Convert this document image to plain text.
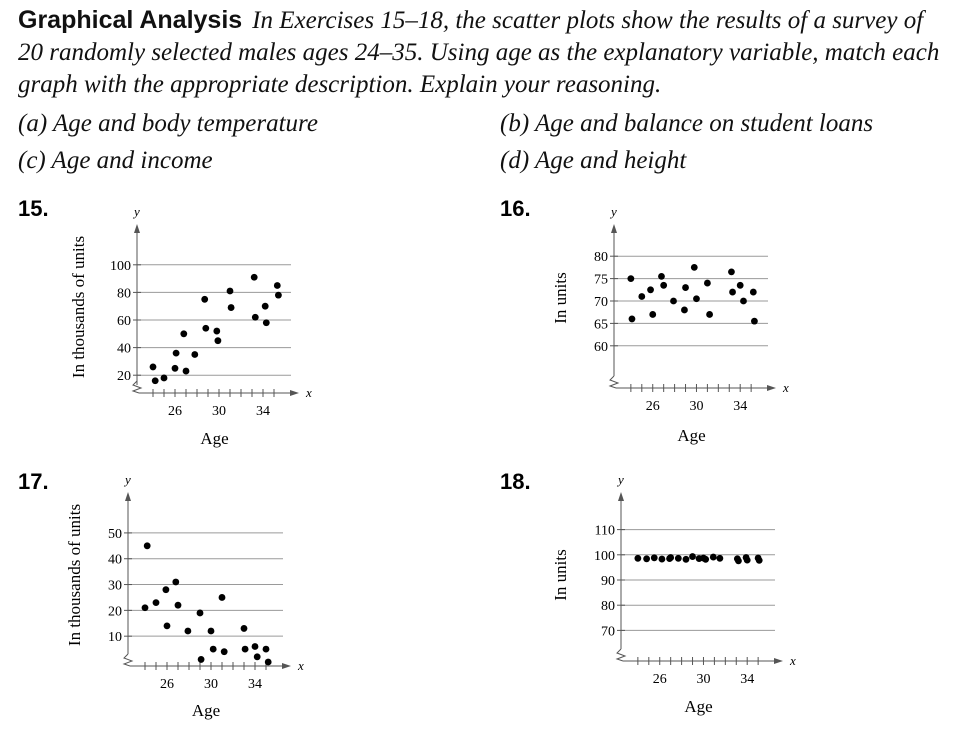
Graphical Analysis In Exercises 15–18, the scatter plots show the results of a survey of 20 randomly selected males ages 24–35. Using age as the explanatory variable, match each graph with the appropriate description. Explain your reasoning.
(a) Age and body temperature	(b) Age and balance on student loans
(c) Age and income	(d) Age and height
15.	y
x
26 30 34
20
40
60
80
100
Age
In thousands of units
16.	y
x
26 30 34
60
65
70
75
80
Age
In units
17.	y
x
26 30 34
10
20
30
40
50
Age
In thousands of units
18.	y
x
26 30 34
70
80
90
100
110
Age
In units
